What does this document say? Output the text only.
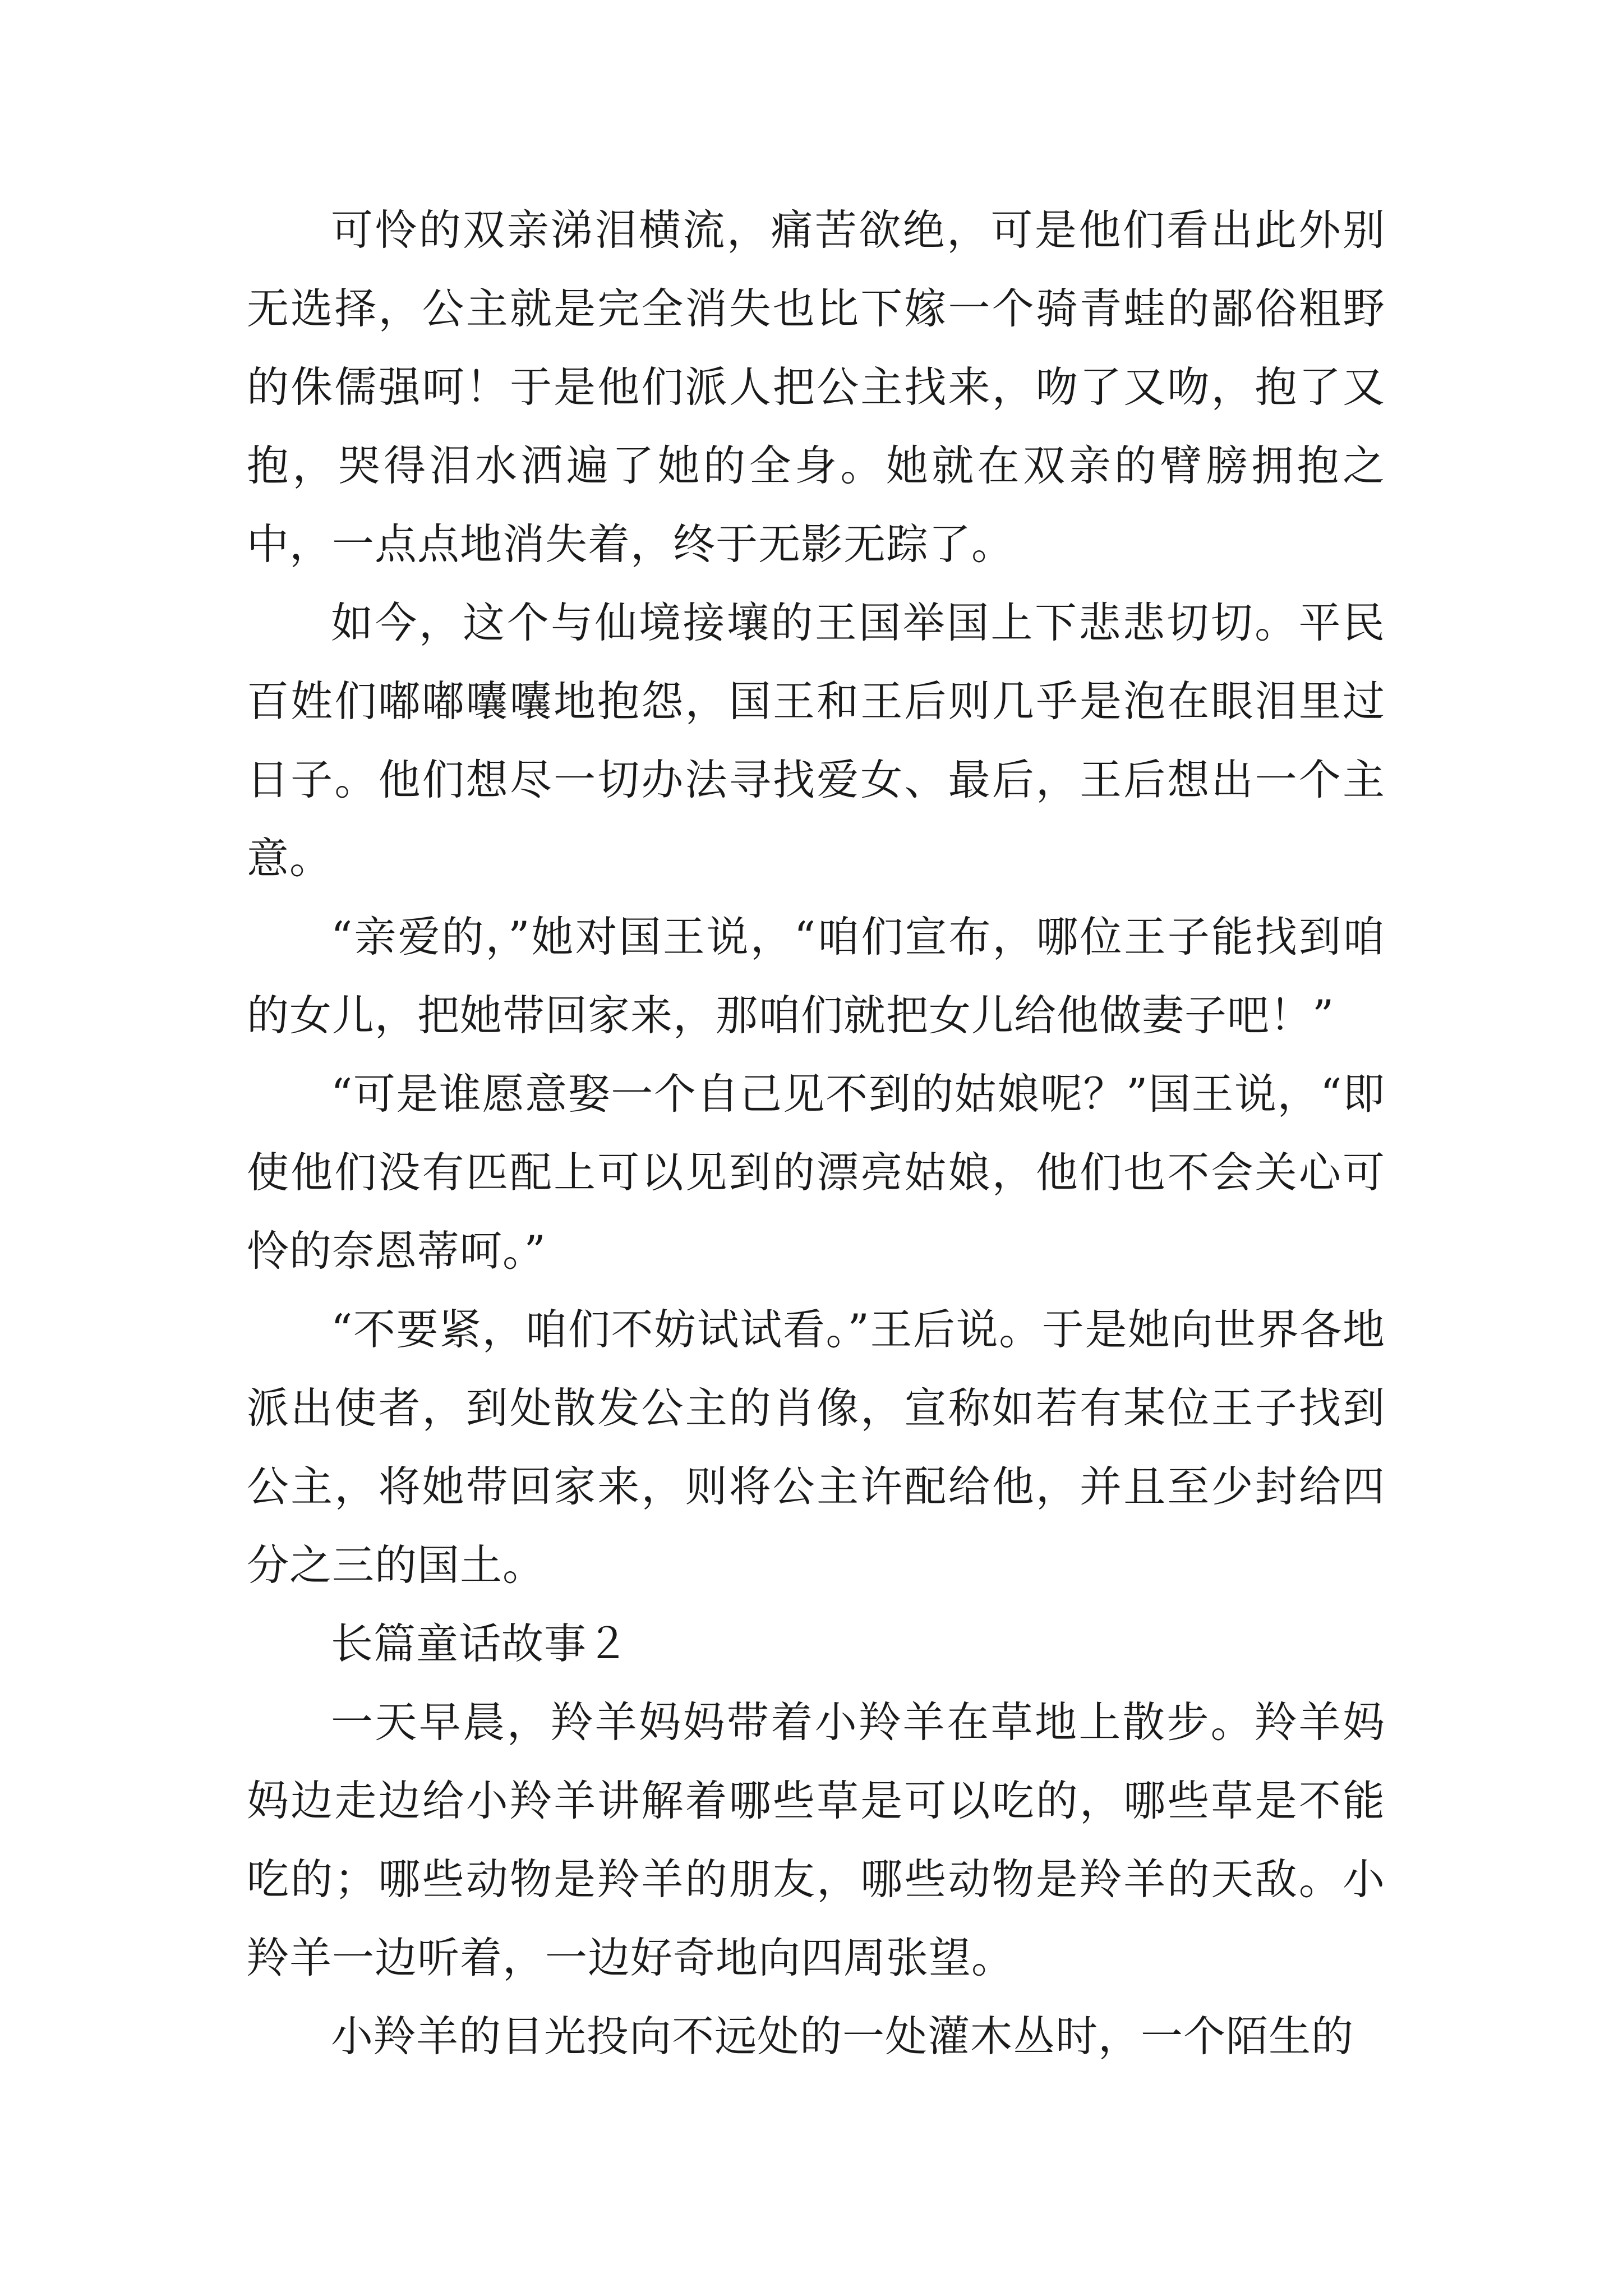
可怜的双亲涕泪横流，痛苦欲绝，可是他们看出此外别无选择，公主就是完全消失也比下嫁一个骑青蛙的鄙俗粗野的侏儒强呵！于是他们派人把公主找来，吻了又吻，抱了又抱，哭得泪水洒遍了她的全身。她就在双亲的臂膀拥抱之中，一点点地消失着，终于无影无踪了。

如今，这个与仙境接壤的王国举国上下悲悲切切。平民百姓们嘟嘟囔囔地抱怨，国王和王后则几乎是泡在眼泪里过日子。他们想尽一切办法寻找爱女、最后，王后想出一个主意。

“亲爱的，”她对国王说，“咱们宣布，哪位王子能找到咱的女儿，把她带回家来，那咱们就把女儿给他做妻子吧！”

“可是谁愿意娶一个自己见不到的姑娘呢？”国王说，“即使他们没有匹配上可以见到的漂亮姑娘，他们也不会关心可怜的奈恩蒂呵。”

“不要紧，咱们不妨试试看。”王后说。于是她向世界各地派出使者，到处散发公主的肖像，宣称如若有某位王子找到公主，将她带回家来，则将公主许配给他，并且至少封给四分之三的国土。

长篇童话故事２

一天早晨，羚羊妈妈带着小羚羊在草地上散步。羚羊妈妈边走边给小羚羊讲解着哪些草是可以吃的，哪些草是不能吃的；哪些动物是羚羊的朋友，哪些动物是羚羊的天敌。小羚羊一边听着，一边好奇地向四周张望。

小羚羊的目光投向不远处的一处灌木丛时，一个陌生的
